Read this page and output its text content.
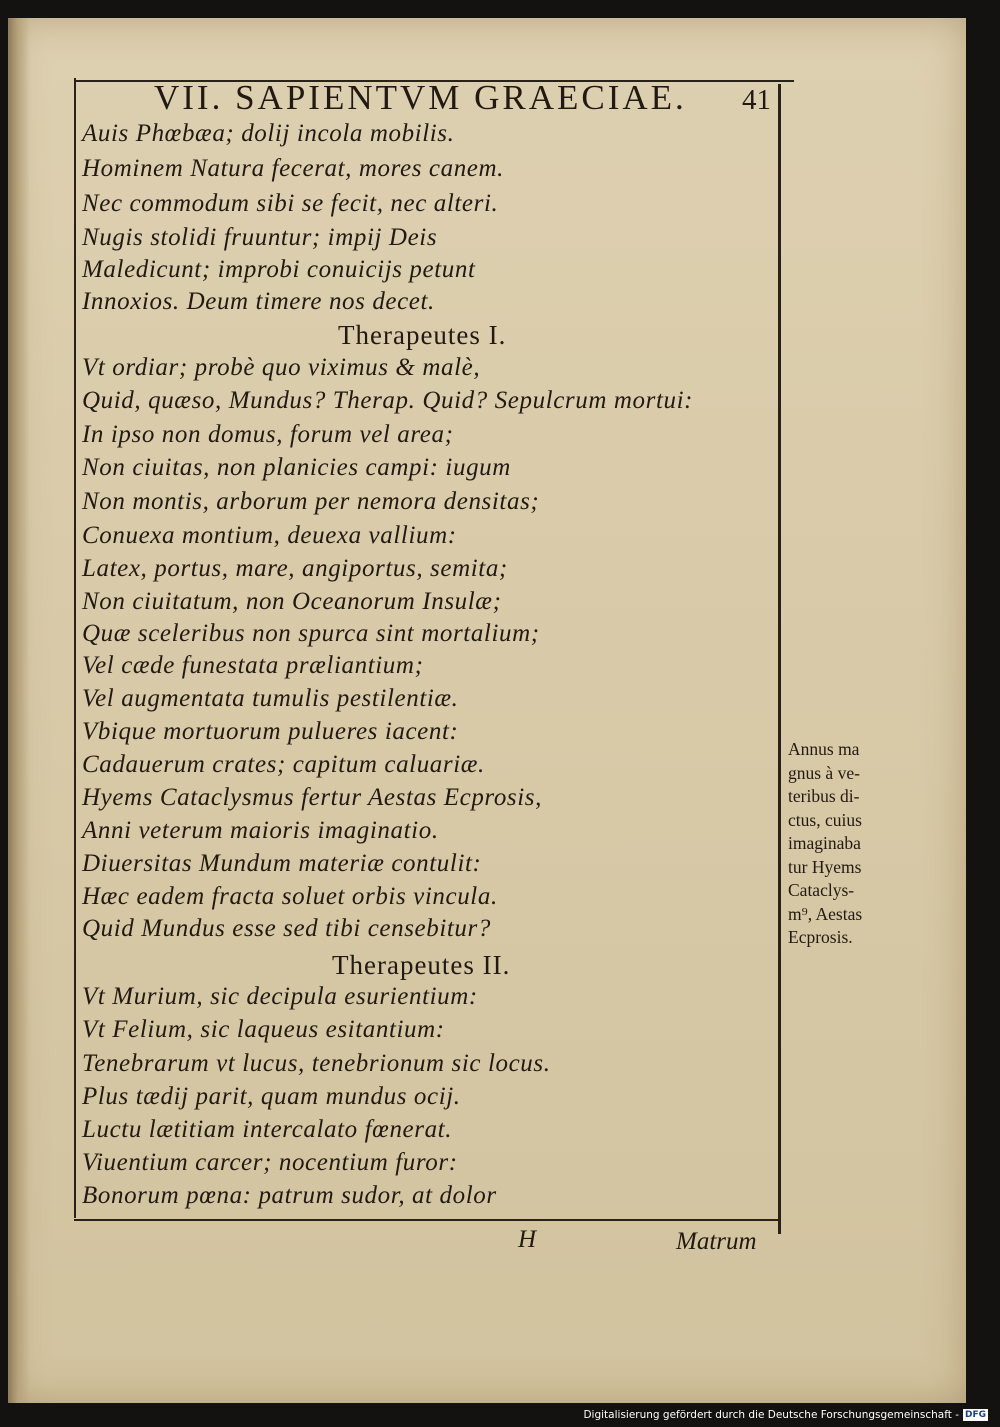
VII. SAPIENTVM GRAECIAE. 41
Auis Phœbæa; dolij incola mobilis.
Hominem Natura fecerat, mores canem.
Nec commodum sibi se fecit, nec alteri.
Nugis stolidi fruuntur; impij Deis
Maledicunt; improbi conuicijs petunt
Innoxios. Deum timere nos decet.
Therapeutes I.
Vt ordiar; probè quo viximus & malè,
Quid, quæso, Mundus? Therap. Quid? Sepulcrum mortui:
In ipso non domus, forum vel area;
Non ciuitas, non planicies campi: iugum
Non montis, arborum per nemora densitas;
Conuexa montium, deuexa vallium:
Latex, portus, mare, angiportus, semita;
Non ciuitatum, non Oceanorum Insulæ;
Quæ sceleribus non spurca sint mortalium;
Vel cæde funestata præliantium;
Vel augmentata tumulis pestilentiæ.
Vbique mortuorum pulueres iacent:
Cadauerum crates; capitum caluariæ.
Hyems Cataclysmus fertur Aestas Ecprosis,
Anni veterum maioris imaginatio.
Diuersitas Mundum materiæ contulit:
Hæc eadem fracta soluet orbis vincula.
Quid Mundus esse sed tibi censebitur?
Therapeutes II.
Vt Murium, sic decipula esurientium:
Vt Felium, sic laqueus esitantium:
Tenebrarum vt lucus, tenebrionum sic locus.
Plus tædij parit, quam mundus ocij.
Luctu lætitiam intercalato fœnerat.
Viuentium carcer; nocentium furor:
Bonorum pœna: patrum sudor, at dolor
Annus ma
gnus à ve-
teribus di-
ctus, cuius
imaginaba
tur Hyems
Cataclys-
m⁹, Aestas
Ecprosis.
H	Matrum
Digitalisierung gefördert durch die Deutsche Forschungsgemeinschaft - DFG
